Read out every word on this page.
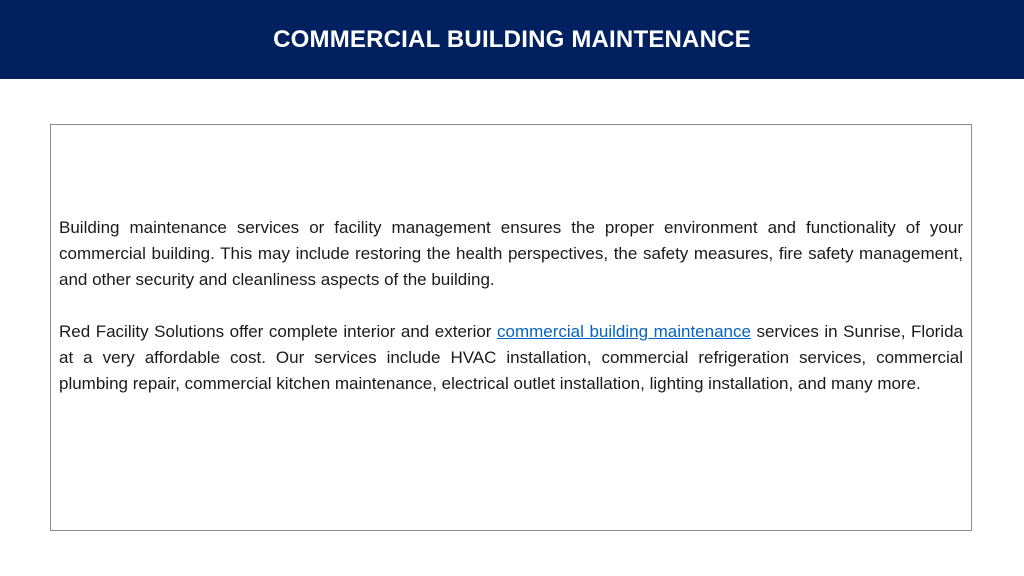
COMMERCIAL BUILDING MAINTENANCE

Building maintenance services or facility management ensures the proper environment and functionality of your commercial building. This may include restoring the health perspectives, the safety measures, fire safety management, and other security and cleanliness aspects of the building.

Red Facility Solutions offer complete interior and exterior commercial building maintenance services in Sunrise, Florida at a very affordable cost. Our services include HVAC installation, commercial refrigeration services, commercial plumbing repair, commercial kitchen maintenance, electrical outlet installation, lighting installation, and many more.
